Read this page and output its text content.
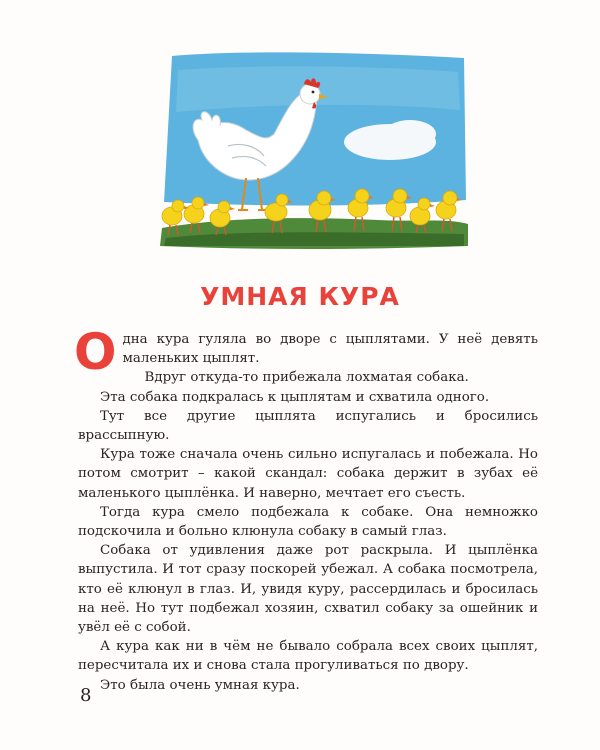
УМНАЯ КУРА

Одна кура гуляла во дворе с цыплятами. У неё девять маленьких цыплят.

Вдруг откуда-то прибежала лохматая собака.

Эта собака подкралась к цыплятам и схватила одного.

Тут все другие цыплята испугались и бросились врассыпную.

Кура тоже сначала очень сильно испугалась и побежала. Но потом смотрит – какой скандал: собака держит в зубах её маленького цыплёнка. И наверно, мечтает его съесть.

Тогда кура смело подбежала к собаке. Она немножко подскочила и больно клюнула собаку в самый глаз.

Собака от удивления даже рот раскрыла. И цыплёнка выпустила. И тот сразу поскорей убежал. А собака посмотрела, кто её клюнул в глаз. И, увидя куру, рассердилась и бросилась на неё. Но тут подбежал хозяин, схватил собаку за ошейник и увёл её с собой.

А кура как ни в чём не бывало собрала всех своих цыплят, пересчитала их и снова стала прогуливаться по двору.

Это была очень умная кура.

8
